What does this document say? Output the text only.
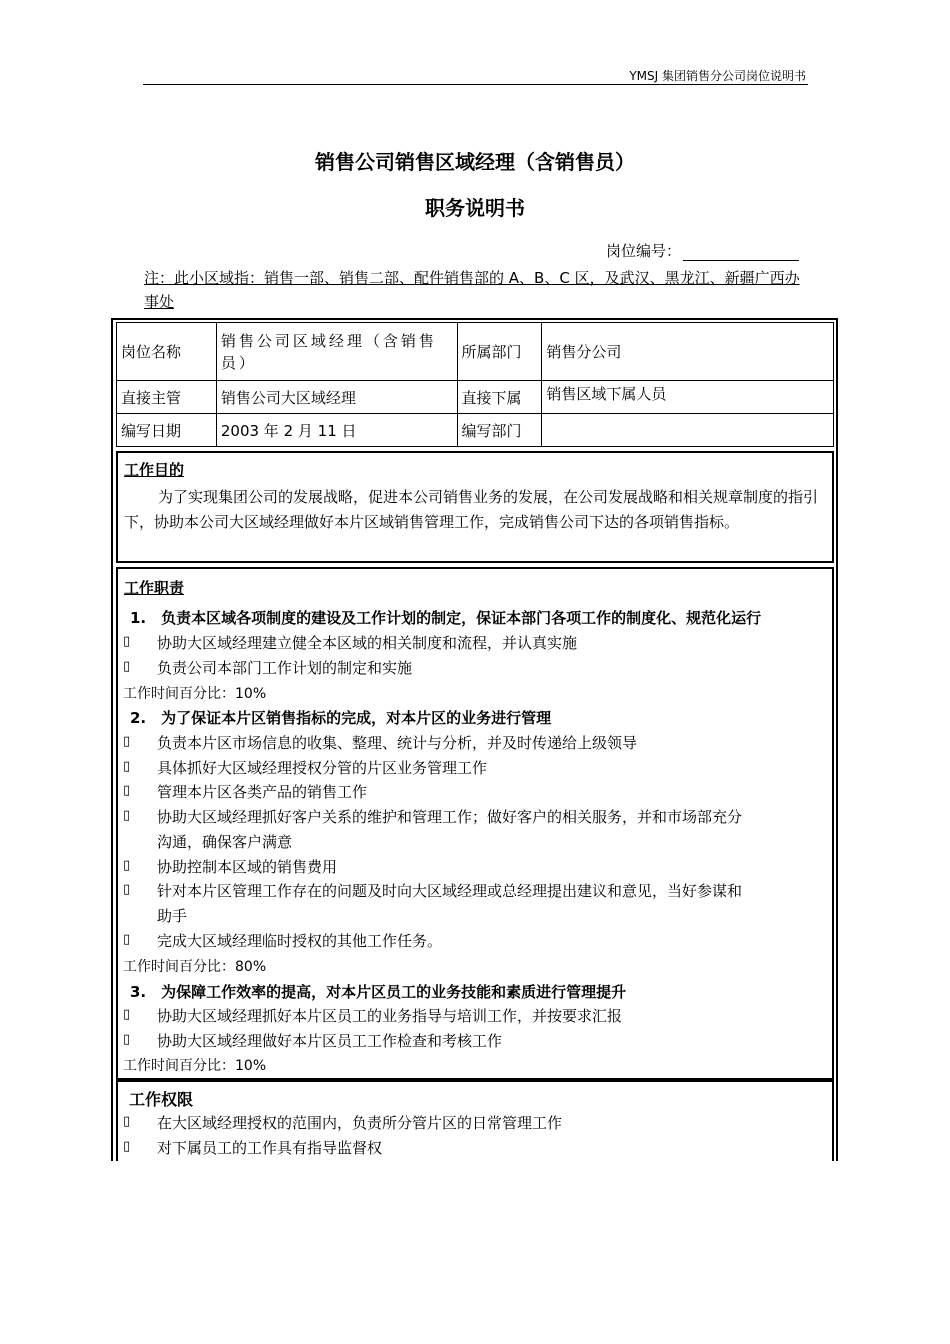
YMSJ 集团销售分公司岗位说明书
销售公司销售区域经理（含销售员）
职务说明书
岗位编号：
注：此小区域指：销售一部、销售二部、配件销售部的 A、B、C 区，及武汉、黑龙江、新疆广西办事处
岗位名称	销售公司区域经理（含销售员）	所属部门	销售分公司
直接主管	销售公司大区域经理	直接下属	销售区域下属人员
编写日期	2003 年 2 月 11 日	编写部门	
工作目的
为了实现集团公司的发展战略，促进本公司销售业务的发展，在公司发展战略和相关规章制度的指引下，协助本公司大区域经理做好本片区域销售管理工作，完成销售公司下达的各项销售指标。
工作职责
1.　负责本区域各项制度的建设及工作计划的制定，保证本部门各项工作的制度化、规范化运行
▯ 协助大区域经理建立健全本区域的相关制度和流程，并认真实施
▯ 负责公司本部门工作计划的制定和实施
工作时间百分比：10%
2.　为了保证本片区销售指标的完成，对本片区的业务进行管理
▯ 负责本片区市场信息的收集、整理、统计与分析，并及时传递给上级领导
▯ 具体抓好大区域经理授权分管的片区业务管理工作
▯ 管理本片区各类产品的销售工作
▯ 协助大区域经理抓好客户关系的维护和管理工作；做好客户的相关服务，并和市场部充分
沟通，确保客户满意
▯ 协助控制本区域的销售费用
▯ 针对本片区管理工作存在的问题及时向大区域经理或总经理提出建议和意见，当好参谋和
助手
▯ 完成大区域经理临时授权的其他工作任务。
工作时间百分比：80%
3.　为保障工作效率的提高，对本片区员工的业务技能和素质进行管理提升
▯ 协助大区域经理抓好本片区员工的业务指导与培训工作，并按要求汇报
▯ 协助大区域经理做好本片区员工工作检查和考核工作
工作时间百分比：10%
工作权限
▯ 在大区域经理授权的范围内，负责所分管片区的日常管理工作
▯ 对下属员工的工作具有指导监督权
